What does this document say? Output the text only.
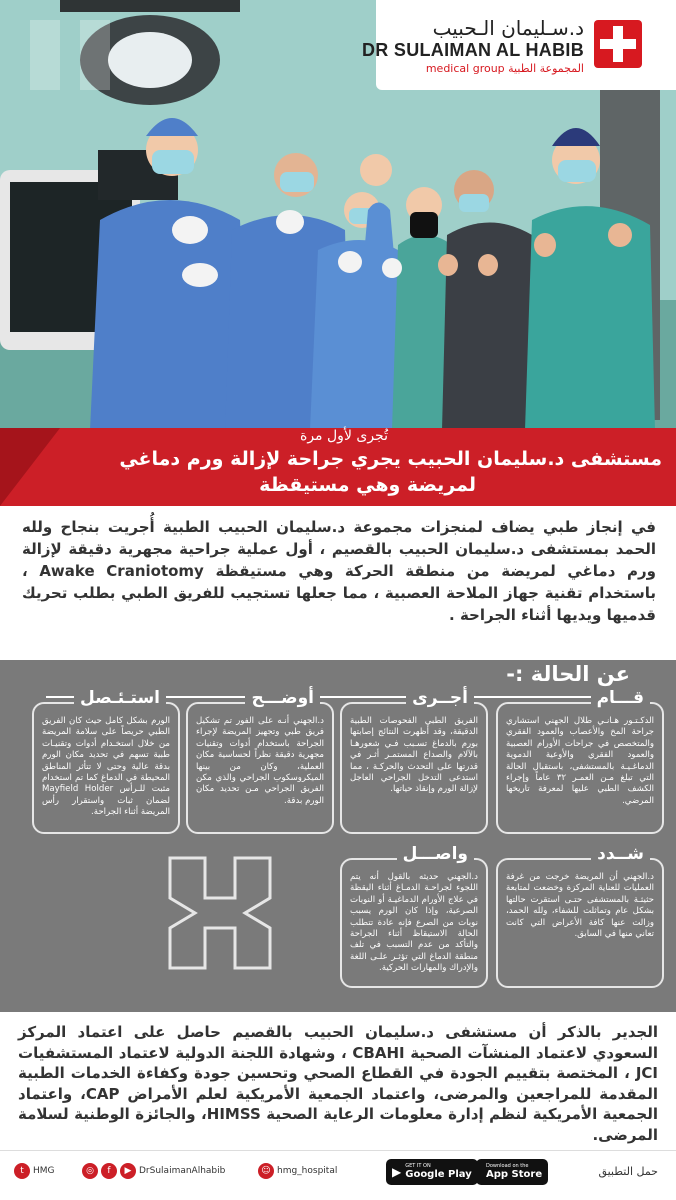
د.سـليمان الـحبيب
DR SULAIMAN AL HABIB
medical group المجموعة الطبية
تُجرى لأول مرة
مستشفى د.سليمان الحبيب يجري جراحة لإزالة ورم دماغي
لمريضة وهي مستيقظة
في إنجاز طبي يضاف لمنجزات مجموعة د.سليمان الحبيب الطبية أُجريت بنجاح ولله الحمد بمستشفى د.سليمان الحبيب بالقصيم ، أول عملية جراحية مجهرية دقيقة لإزالة ورم دماغي لمريضة من منطقة الحركة وهي مستيقظة Awake Craniotomy ، باستخدام تقنية جهاز الملاحة العصبية ، مما جعلها تستجيب للفريق الطبي بطلب تحريك قدميها ويديها أثناء الجراحة .
عن الحالة :-
قـــام
الدكـتـور هـانـي طلال الجهني استشاري جراحة المخ والأعصاب والعمود الفقري والمتخصص في جراحات الأورام العصبية والعمود الفقري والأوعية الدموية الدماغـيـة بالمستشفى، باستقبال الحالة التي تبلغ مـن العمـر ٣٢ عاماً وإجراء الكشف الطبي عليها لمعرفة تاريخها المرضي.
أجــرى
الفريق الطبي الفحوصات الطبية الدقيقة، وقد أظهرت النتائج إصابتها بورم بالدماغ تسـبب فـي شعورهـا بالآلام والصداع المستمـر أثـر في قدرتها على التحدث والحركـة ، مما استدعى التدخل الجراحي العاجل لإزالة الورم وإنقاذ حياتها.
أوضـــح
د.الجهني أنـه على الفور تم تشكيل فريق طبي وتجهيز المريضة لإجراء الجراحة باستخدام أدوات وتقنيات مجهرية دقيقة نظراً لحساسية مكان العملية، وكان من بينها الميكروسكوب الجراحي والذي مكن الفريق الجراحي مـن تحديد مكان الورم بدقة.
استـئـصل
الورم بشكل كامل حيث كان الفريق الطبي حريصاً على سلامة المريضة من خلال استخـدام أدوات وتقنيـات طبية تسهم في تحديد مكان الورم بدقة عالية وحتى لا تتأثر المناطق المحيطة في الدماغ كما تم استخدام مثبت للـرأس Mayfield Holder لضمان ثبات واستقرار رأس المريضة أثناء الجراحة.
شــدد
د.الجهني أن المريضة خرجت من غرفة العمليات للعناية المركزة وخضعت لمتابعة حثيثـة بالمستشفى حتـى استقرت حالتها بشكل عام وتماثلت للشفاء، ولله الحمد، وزالت عنها كافة الأعراض التي كانت تعاني منها في السابق.
واصـــل
د.الجهني حديثه بالقول أنه يتم اللجوء لجراحـة الدمـاغ أثناء اليقظة في علاج الأورام الدماغيـة أو النوبات الصرعية، وإذا كان الورم يسبب نوبات من الصرع فإنه عادة تتطلب الحالة الاستيقاظ أثناء الجراحة والتأكد من عدم التسبب في تلف منطقة الدماغ التي تؤثـر علـى اللغة والإدراك والمهارات الحركية.
الجدير بالذكر أن مستشفى د.سليمان الحبيب بالقصيم حاصل على اعتماد المركز السعودي لاعتماد المنشآت الصحية CBAHI ، وشهادة اللجنة الدولية لاعتماد المستشفيات JCI ، المختصة بتقييم الجودة في القطاع الصحي وتحسين جودة وكفاءة الخدمات الطبية المقدمة للمراجعين والمرضى، واعتماد الجمعية الأمريكية لعلم الأمراض CAP، واعتماد الجمعية الأمريكية لنظم إدارة معلومات الرعاية الصحية HIMSS، والجائزة الوطنية لسلامة المرضى.
t	HMG	◎	f	▶ DrSulaimanAlhabib	☺ hmg_hospital	▶ GET IT ON
Google Play
Download on the
App Store	حمل التطبيق
